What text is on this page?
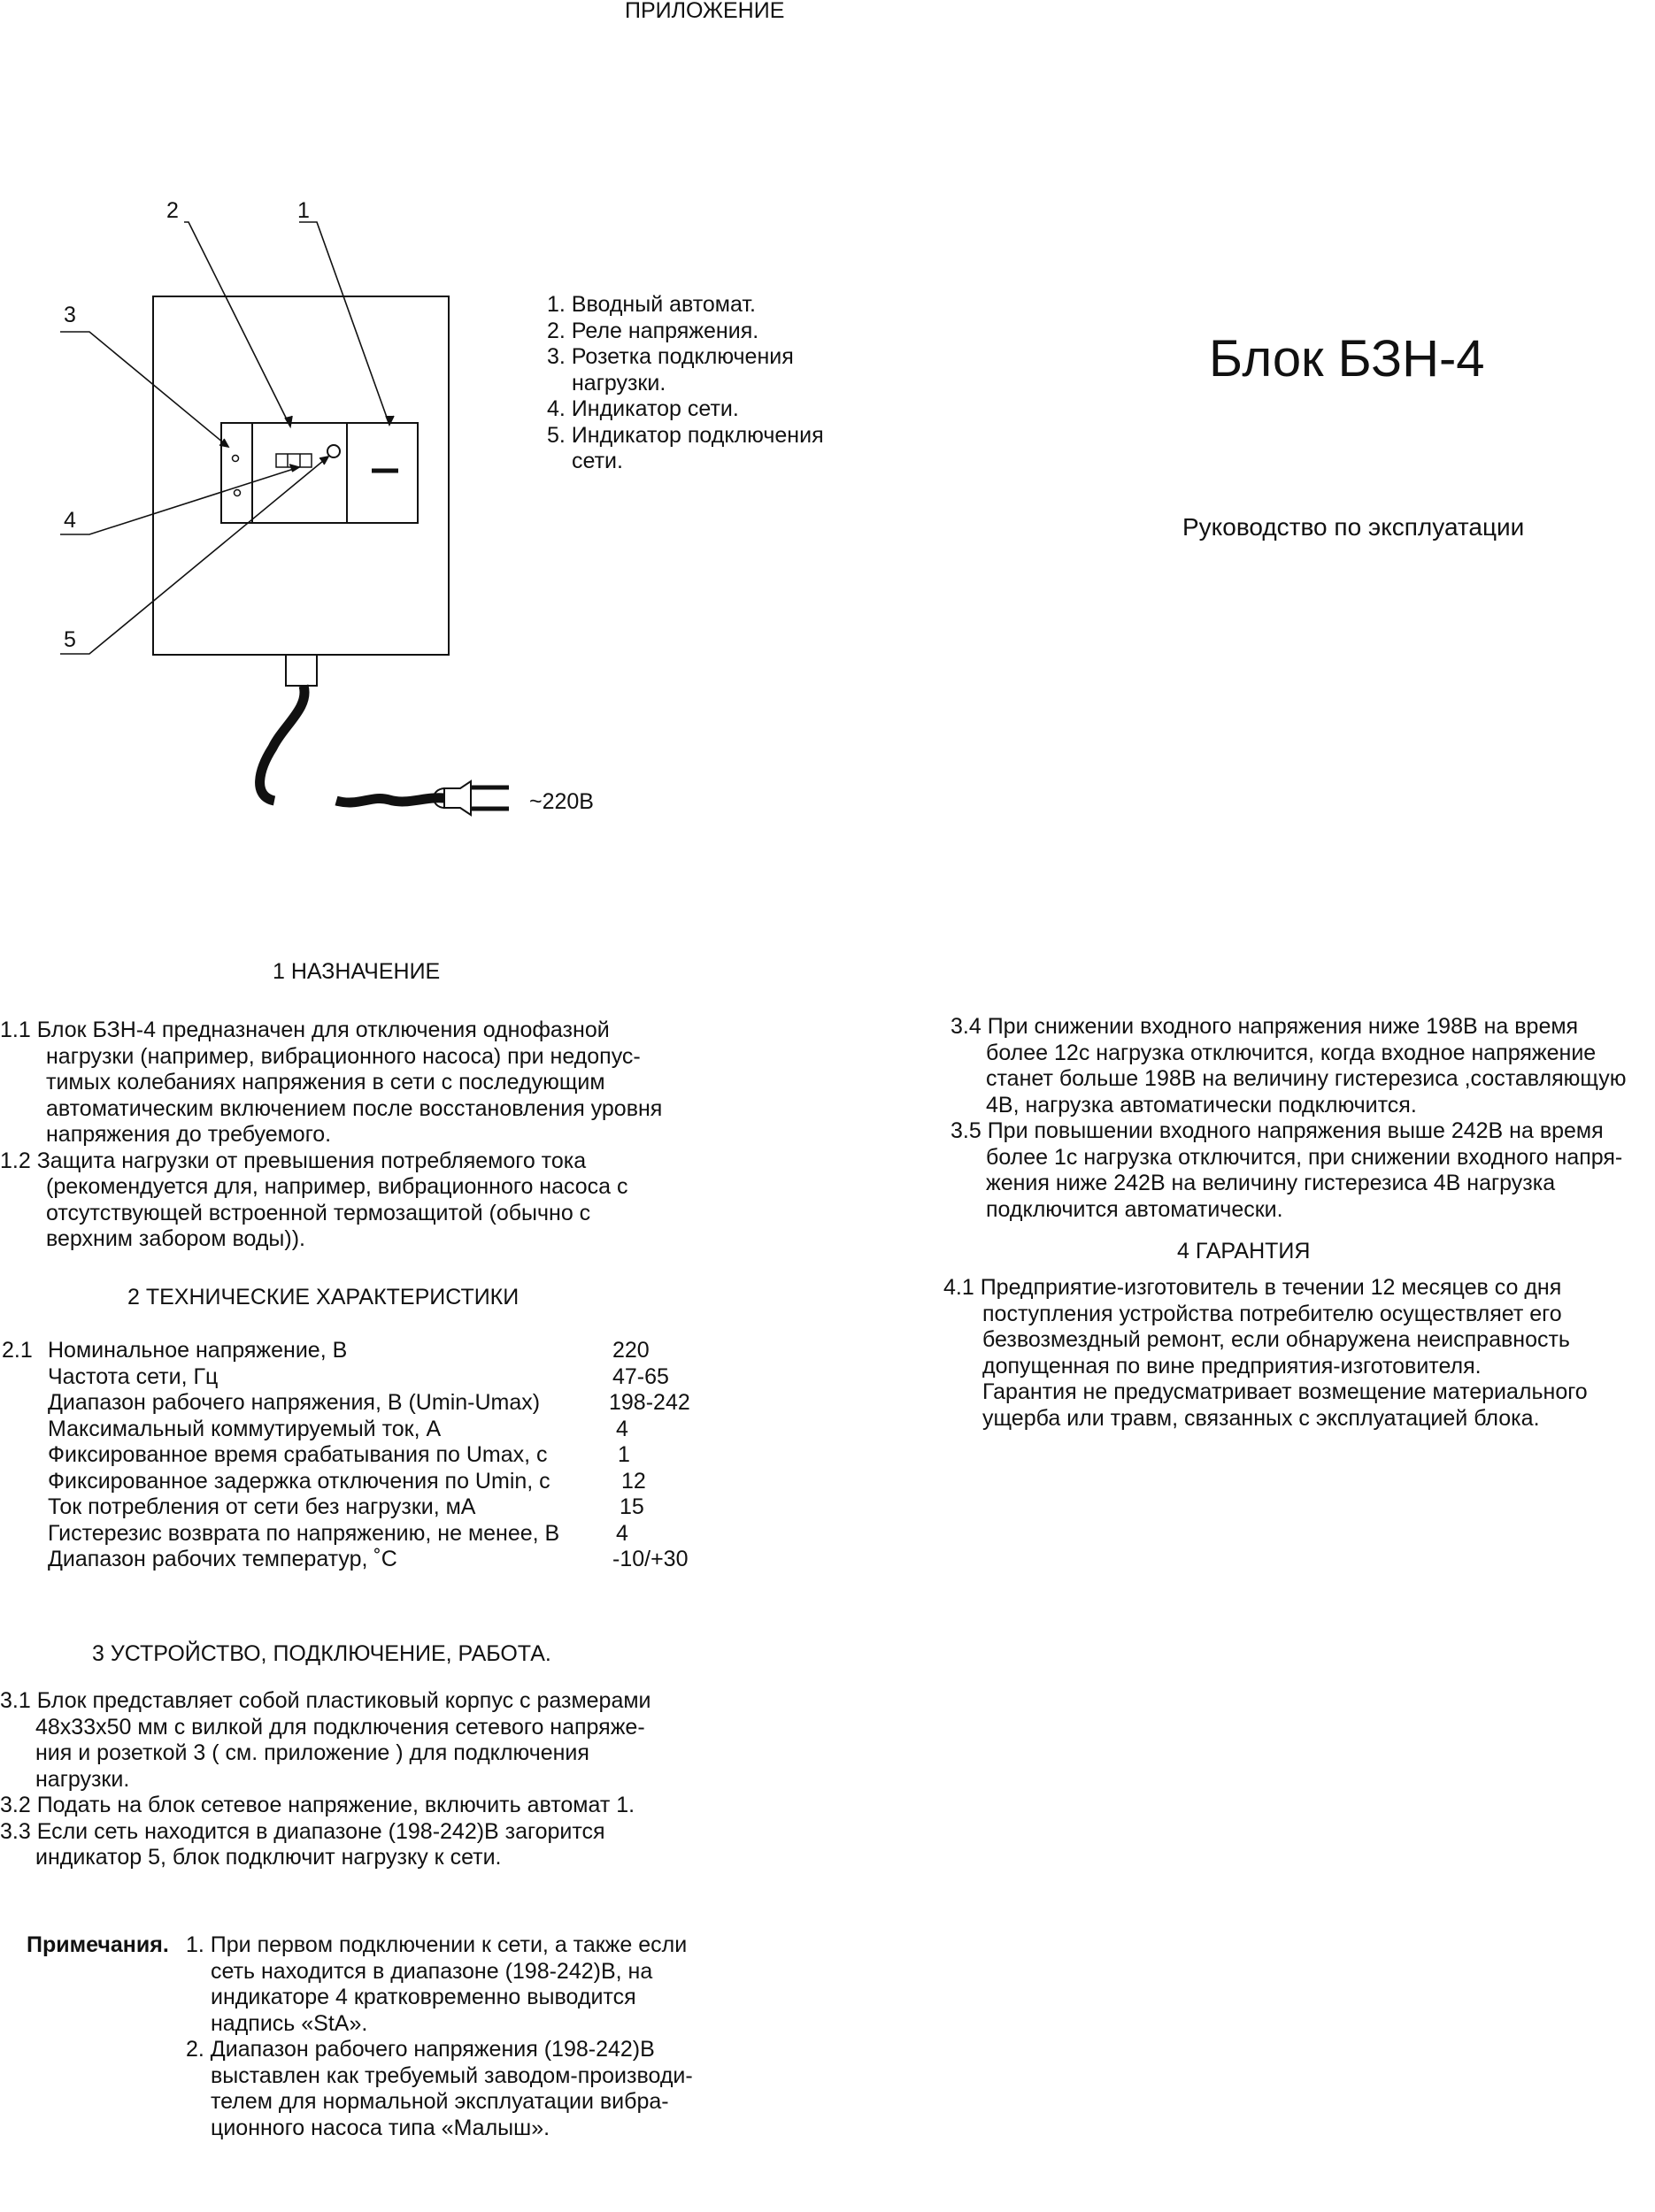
ПРИЛОЖЕНИЕ
2	1
3
4
5
1. Вводный автомат.
2. Реле напряжения.
3. Розетка подключения
нагрузки.
4. Индикатор сети.
5. Индикатор подключения
сети.
~220В
Блок БЗН-4
Руководство по эксплуатации
1 НАЗНАЧЕНИЕ
1.1 Блок БЗН-4 предназначен для отключения однофазной
нагрузки (например, вибрационного насоса) при недопус-
тимых колебаниях напряжения в сети с последующим
автоматическим включением после восстановления уровня
напряжения до требуемого.
1.2 Защита нагрузки от превышения потребляемого тока
(рекомендуется для, например, вибрационного насоса с
отсутствующей встроенной термозащитой (обычно с
верхним забором воды)).
2 ТЕХНИЧЕСКИЕ ХАРАКТЕРИСТИКИ
2.1 Номинальное напряжение, В	220
Частота сети, Гц	47-65
Диапазон рабочего напряжения, В (Umin-Umax)	198-242
Максимальный коммутируемый ток, А	4
Фиксированное время срабатывания по Umax, с	1
Фиксированное задержка отключения по Umin, с	12
Ток потребления от сети без нагрузки, мА	15
Гистерезис возврата по напряжению, не менее, В	4
Диапазон рабочих температур, ˚С	-10/+30
3 УСТРОЙСТВО, ПОДКЛЮЧЕНИЕ, РАБОТА.
3.1 Блок представляет собой пластиковый корпус с размерами
48х33х50 мм с вилкой для подключения сетевого напряже-
ния и розеткой 3 ( см. приложение ) для подключения
нагрузки.
3.2 Подать на блок сетевое напряжение, включить автомат 1.
3.3 Если сеть находится в диапазоне (198-242)В загорится
индикатор 5, блок подключит нагрузку к сети.
Примечания. 1. При первом подключении к сети, а также если
сеть находится в диапазоне (198-242)В, на
индикаторе 4 кратковременно выводится
надпись «StA».
2. Диапазон рабочего напряжения (198-242)В
выставлен как требуемый заводом-производи-
телем для нормальной эксплуатации вибра-
ционного насоса типа «Малыш».
3.4 При снижении входного напряжения ниже 198В на время
более 12с нагрузка отключится, когда входное напряжение
станет больше 198В на величину гистерезиса ,составляющую
4В, нагрузка автоматически подключится.
3.5 При повышении входного напряжения выше 242В на время
более 1с нагрузка отключится, при снижении входного напря-
жения ниже 242В на величину гистерезиса 4В нагрузка
подключится автоматически.
4 ГАРАНТИЯ
4.1 Предприятие-изготовитель в течении 12 месяцев со дня
поступления устройства потребителю осуществляет его
безвозмездный ремонт, если обнаружена неисправность
допущенная по вине предприятия-изготовителя.
Гарантия не предусматривает возмещение материального
ущерба или травм, связанных с эксплуатацией блока.
